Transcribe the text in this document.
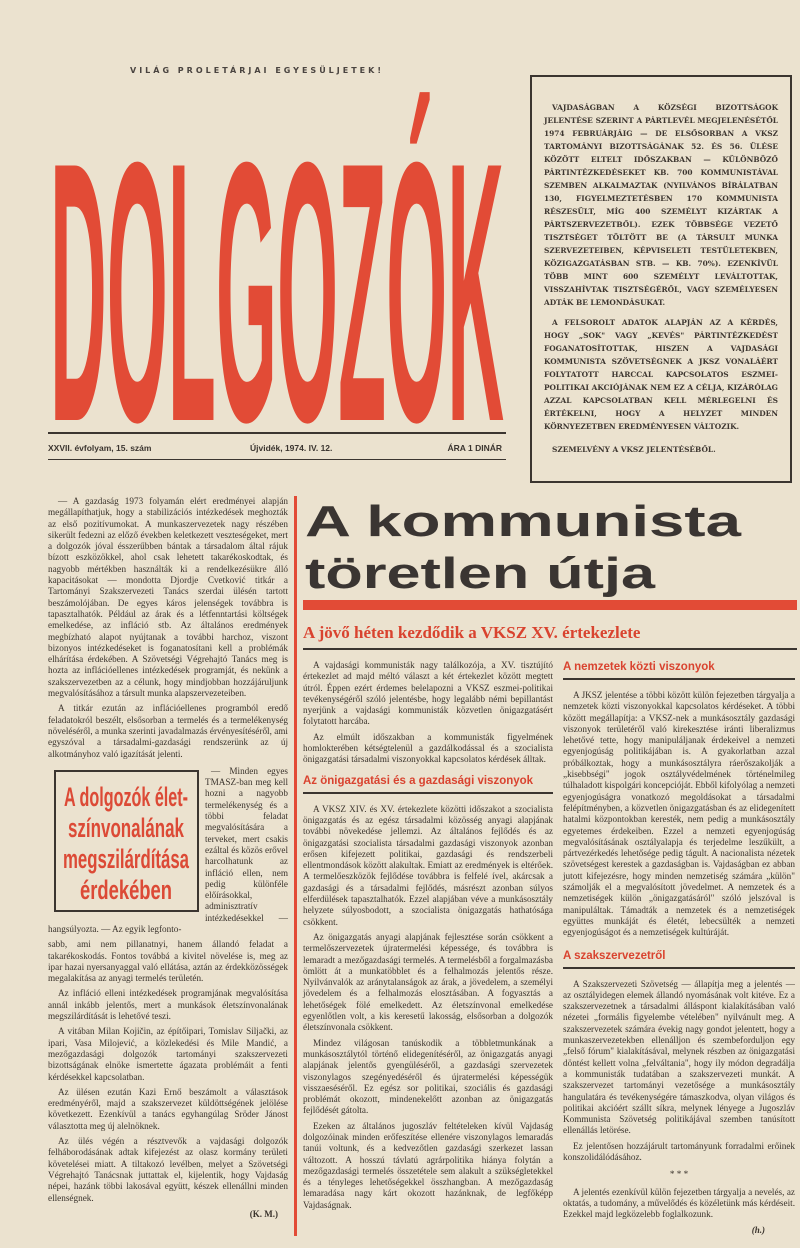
VILÁG PROLETÁRJAI EGYESÜLJETEK!
DOLGOZÓK
XXVII. évfolyam, 15. szám	Újvidék, 1974. IV. 12.	ÁRA 1 DINÁR

VAJDASÁGBAN A KÖZSÉGI BIZOTTSÁGOK JELENTÉSE SZERINT A PÁRTLEVÉL MEGJELENÉSÉTŐL 1974 FEBRUÁRJÁIG — DE ELSŐSORBAN A VKSZ TARTOMÁNYI BIZOTTSÁGÁNAK 52. ÉS 56. ÜLÉSE KÖZÖTT ELTELT IDŐSZAKBAN — KÜLÖNBÖZŐ PÁRTINTÉZKEDÉSEKET KB. 700 KOMMUNISTÁVAL SZEMBEN ALKALMAZTAK (NYILVÁNOS BÍRÁLATBAN 130, FIGYELMEZTETÉSBEN 170 KOMMUNISTA RÉSZESÜLT, MÍG 400 SZEMÉLYT KIZÁRTAK A PÁRTSZERVEZETBŐL). EZEK TÖBBSÉGE VEZETŐ TISZTSÉGET TÖLTÖTT BE (A TÁRSULT MUNKA SZERVEZETEIBEN, KÉPVISELETI TESTÜLETEKBEN, KÖZIGAZGATÁSBAN STB. — KB. 70%). EZENKÍVÜL TÖBB MINT 600 SZEMÉLYT LEVÁLTOTTAK, VISSZAHÍVTAK TISZTSÉGÉRŐL, VAGY SZEMÉLYESEN ADTÁK BE LEMONDÁSUKAT.

A FELSOROLT ADATOK ALAPJÁN AZ A KÉRDÉS, HOGY „SOK" VAGY „KEVÉS" PÁRTINTÉZKEDÉST FOGANATOSÍTOTTAK, HISZEN A VAJDASÁGI KOMMUNISTA SZÖVETSÉGNEK A JKSZ VONALÁÉRT FOLYTATOTT HARCCAL KAPCSOLATOS ESZMEI-POLITIKAI AKCIÓJÁNAK NEM EZ A CÉLJA, KIZÁRÓLAG AZZAL KAPCSOLATBAN KELL MÉRLEGELNI ÉS ÉRTÉKELNI, HOGY A HELYZET MINDEN KÖRNYEZETBEN EREDMÉNYESEN VÁLTOZIK.

SZEMELVÉNY A VKSZ JELENTÉSÉBŐL.

— A gazdaság 1973 folyamán elért eredményei alapján megállapíthatjuk, hogy a stabilizációs intézkedések meghozták az első pozitívumokat. A munkaszervezetek nagy részében sikerült fedezni az előző években keletkezett veszteségeket, mert a dolgozók jóval ésszerűbben bántak a társadalom által rájuk bízott eszközökkel, ahol csak lehetett takarékoskodtak, és nagyobb mértékben használták ki a rendelkezésükre álló kapacitásokat — mondotta Djordje Cvetković titkár a Tartományi Szakszervezeti Tanács szerdai ülésén tartott beszámolójában. De egyes káros jelenségek továbbra is tapasztalhatók. Például az árak és a létfenntartási költségek emelkedése, az infláció stb. Az általános eredmények megbízható alapot nyújtanak a további harchoz, viszont bizonyos intézkedéseket is foganatosítani kell a problémák elhárítása érdekében. A Szövetségi Végrehajtó Tanács meg is hozta az inflációellenes intézkedések programját, és nekünk a szakszervezetben az a célunk, hogy mindjobban hozzájáruljunk megvalósításához a társult munka alapszervezeteiben.

A titkár ezután az inflációellenes programból eredő feladatokról beszélt, elsősorban a termelés és a termelékenység növeléséről, a munka szerinti javadalmazás érvényesítéséről, ami egyszóval a társadalmi-gazdasági rendszerünk az új alkotmányhoz való igazítását jelenti.

A dolgozók élet-
színvonalának
megszilárdítása
érdekében

— Minden egyes TMASZ-ban meg kell hozni a nagyobb termelékenység és a többi feladat megvalósítására a terveket, mert csakis ezáltal és közös erővel harcolhatunk az infláció ellen, nem pedig különféle előírásokkal, adminisztratív intézkedésekkel — hangsúlyozta. — Az egyik legfonto-

sabb, ami nem pillanatnyi, hanem állandó feladat a takarékoskodás. Fontos továbbá a kivitel növelése is, meg az ipar hazai nyersanyaggal való ellátása, aztán az érdekközösségek megalakítása az anyagi termelés területén.

Az infláció elleni intézkedések programjának megvalósítása annál inkább jelentős, mert a munkások életszínvonalának megszilárdítását is lehetővé teszi.

A vitában Milan Kojičin, az építőipari, Tomislav Siljački, az ipari, Vasa Milojević, a közlekedési és Mile Mandić, a mezőgazdasági dolgozók tartományi szakszervezeti bizottságának elnöke ismertette ágazata problémáit a fenti kérdésekkel kapcsolatban.

Az ülésen ezután Kazi Ernő beszámolt a választások eredményéről, majd a szakszervezet küldöttségének jelölése következett. Ezenkívül a tanács egyhangúlag Sröder Jánost választotta meg új alelnöknek.

Az ülés végén a résztvevők a vajdasági dolgozók felháborodásának adtak kifejezést az olasz kormány területi követelései miatt. A tiltakozó levélben, melyet a Szövetségi Végrehajtó Tanácsnak juttattak el, kijelentik, hogy Vajdaság népei, hazánk többi lakosával együtt, készek ellenállni minden ellenségnek.

(K. M.)
A kommunista
töretlen útja
A jövő héten kezdődik a VKSZ XV. értekezlete

A vajdasági kommunisták nagy találkozója, a XV. tisztújító értekezlet ad majd méltó választ a két értekezlet között megtett útról. Éppen ezért érdemes belelapozni a VKSZ eszmei-politikai tevékenységéről szóló jelentésbe, hogy legalább némi bepillantást nyerjünk a vajdasági kommunisták közvetlen önigazgatásért folytatott harcába.

Az elmúlt időszakban a kommunisták figyelmének homlokterében kétségtelenül a gazdálkodással és a szocialista önigazgatási társadalmi viszonyokkal kapcsolatos kérdések álltak.

Az önigazgatási és a gazdasági viszonyok

A VKSZ XIV. és XV. értekezlete közötti időszakot a szocialista önigazgatás és az egész társadalmi közösség anyagi alapjának további növekedése jellemzi. Az általános fejlődés és az önigazgatási szocialista társadalmi gazdasági viszonyok azonban erősen kifejezett politikai, gazdasági és rendszerbeli ellentmondások között alakultak. Emiatt az eredmények is eltérőek. A termelőeszközök fejlődése továbbra is felfelé ível, akárcsak a gazdasági és a társadalmi fejlődés, másrészt azonban súlyos elferdülések tapasztalhatók. Ezzel alapjában véve a munkásosztály helyzete súlyosbodott, a szocialista önigazgatás hathatósága csökkent.

Az önigazgatás anyagi alapjának fejlesztése során csökkent a termelőszervezetek újratermelési képessége, és továbbra is lemaradt a mezőgazdasági termelés. A termelésből a forgalmazásba ömlött át a munkatöbblet és a felhalmozás jelentős része. Nyilvánvalók az aránytalanságok az árak, a jövedelem, a személyi jövedelem és a felhalmozás elosztásában. A fogyasztás a lehetőségek fölé emelkedett. Az életszínvonal emelkedése egyenlőtlen volt, a kis keresetű lakosság, elsősorban a dolgozók életszínvonala csökkent.

Mindez világosan tanúskodik a többletmunkának a munkásosztálytól történő elidegenítéséről, az önigazgatás anyagi alapjának jelentős gyengüléséről, a gazdasági szervezetek viszonylagos szegényedéséről és újratermelési képességük visszaeséséről. Ez egész sor politikai, szociális és gazdasági problémát okozott, mindenekelőtt azonban az önigazgatás fejlődését gátolta.

Ezeken az általános jugoszláv feltételeken kívül Vajdaság dolgozóinak minden erőfeszítése ellenére viszonylagos lemaradás tanúi voltunk, és a kedvezőtlen gazdasági szerkezet lassan változott. A hosszú távlatú agrárpolitika hiánya folytán a mezőgazdasági termelés összetétele sem alakult a szükségletekkel és a tényleges lehetőségekkel összhangban. A mezőgazdaság lemaradása nagy kárt okozott hazánknak, de legfőképp Vajdaságnak.

A nemzetek közti viszonyok

A JKSZ jelentése a többi között külön fejezetben tárgyalja a nemzetek közti viszonyokkal kapcsolatos kérdéseket. A többi között megállapítja: a VKSZ-nek a munkásosztály gazdasági viszonyok területéről való kirekesztése iránti liberalizmus lehetővé tette, hogy manipuláljanak érdekeivel a nemzeti egyenjogúság politikájában is. A gyakorlatban azzal próbálkoztak, hogy a munkásosztályra ráerőszakolják a „kisebbségi" jogok osztályvédelmének történelmileg túlhaladott kispolgári koncepcióját. Ebből kifolyólag a nemzeti egyenjogúságra vonatkozó megoldásokat a társadalmi felépítményben, a közvetlen önigazgatásban és az elidegenített hatalmi központokban keresték, nem pedig a munkásosztály egyetemes érdekeiben. Ezzel a nemzeti egyenjogúság megvalósításának osztályalapja és terjedelme leszűkült, a pártvezérkedés lehetősége pedig tágult. A nacionalista nézetek szövetségest kerestek a gazdaságban is. Vajdaságban ez abban jutott kifejezésre, hogy minden nemzetiség számára „külön" számolják el a megvalósított jövedelmet. A nemzetek és a nemzetiségek külön „önigazgatásáról" szóló jelszóval is manipuláltak. Támadták a nemzetek és a nemzetiségek együttes munkáját és életét, lebecsülték a nemzeti egyenjogúságot és a nemzetiségek kultúráját.

A szakszervezetről

A Szakszervezeti Szövetség — állapítja meg a jelentés — az osztályidegen elemek állandó nyomásának volt kitéve. Ez a szakszervezetnek a társadalmi álláspont kialakításában való nézetei „formális figyelembe vételében" nyilvánult meg. A szakszervezetek számára évekig nagy gondot jelentett, hogy a munkaszervezetekben ellenálljon és szembeforduljon egy „felső fórum" kialakításával, melynek részben az önigazgatási döntést kellett volna „felváltania", hogy ily módon degradálja a kommunisták tudatában a szakszervezeti munkát. A szakszervezet tartományi vezetősége a munkásosztály hangulatára és tevékenységére támaszkodva, olyan világos és politikai akcióért szállt síkra, melynek lényege a Jugoszláv Kommunista Szövetség politikájával szemben tanúsított ellenállás letörése.

Ez jelentősen hozzájárult tartományunk forradalmi erőinek konszolidálódásához.

* * *

A jelentés ezenkívül külön fejezetben tárgyalja a nevelés, az oktatás, a tudomány, a művelődés és közéletünk más kérdéseit. Ezekkel majd legközelebb foglalkozunk.

(h.)
